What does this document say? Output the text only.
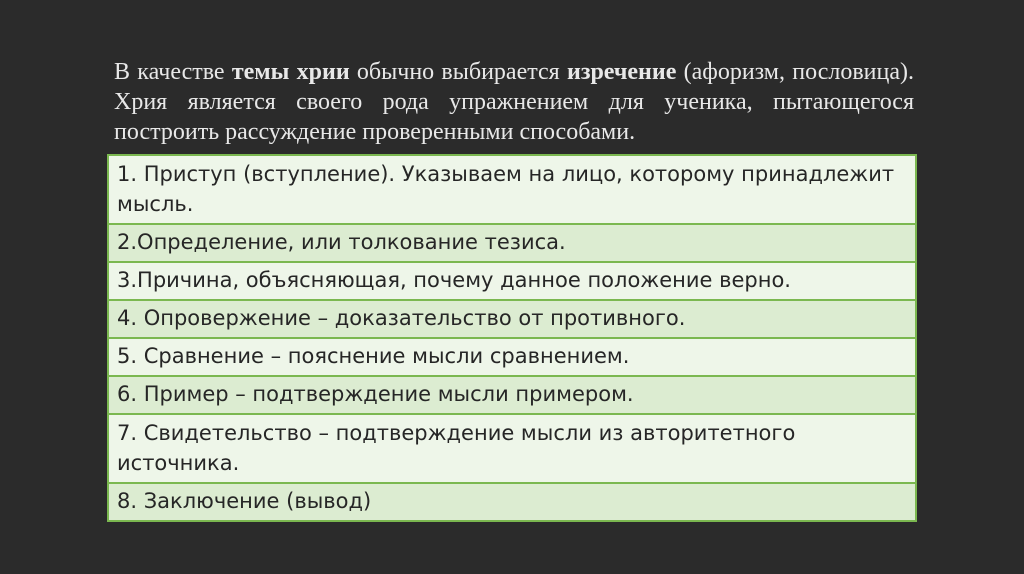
В качестве темы хрии обычно выбирается изречение (афоризм, пословица). Хрия является своего рода упражнением для ученика, пытающегося построить рассуждение проверенными способами.

1. Приступ (вступление). Указываем на лицо, которому принадлежит мысль.
2.Определение, или толкование тезиса.
3.Причина, объясняющая, почему данное положение верно.
4. Опровержение – доказательство от противного.
5. Сравнение – пояснение мысли сравнением.
6. Пример – подтверждение мысли примером.
7. Свидетельство – подтверждение мысли из авторитетного источника.
8. Заключение (вывод)
